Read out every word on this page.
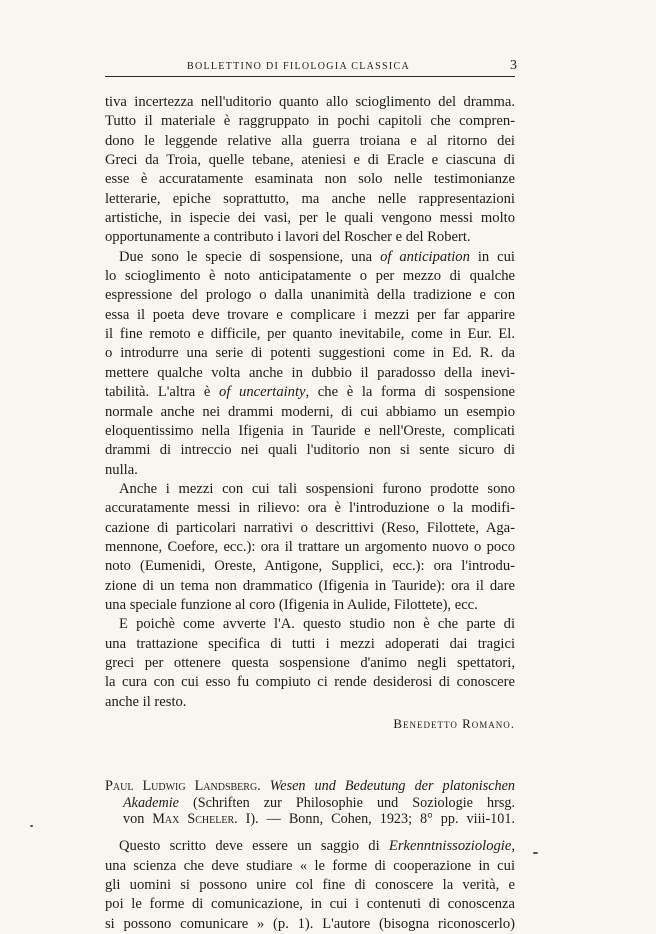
BOLLETTINO DI FILOLOGIA CLASSICA	3
tiva incertezza nell'uditorio quanto allo scioglimento del dramma.
Tutto il materiale è raggruppato in pochi capitoli che compren-
dono le leggende relative alla guerra troiana e al ritorno dei
Greci da Troia, quelle tebane, ateniesi e di Eracle e ciascuna di
esse è accuratamente esaminata non solo nelle testimonianze
letterarie, epiche soprattutto, ma anche nelle rappresentazioni
artistiche, in ispecie dei vasi, per le quali vengono messi molto
opportunamente a contributo i lavori del Roscher e del Robert.
Due sono le specie di sospensione, una of anticipation in cui
lo scioglimento è noto anticipatamente o per mezzo di qualche
espressione del prologo o dalla unanimità della tradizione e con
essa il poeta deve trovare e complicare i mezzi per far apparire
il fine remoto e difficile, per quanto inevitabile, come in Eur. El.
o introdurre una serie di potenti suggestioni come in Ed. R. da
mettere qualche volta anche in dubbio il paradosso della inevi-
tabilità. L'altra è of uncertainty, che è la forma di sospensione
normale anche nei drammi moderni, di cui abbiamo un esempio
eloquentissimo nella Ifigenia in Tauride e nell'Oreste, complicati
drammi di intreccio nei quali l'uditorio non si sente sicuro di
nulla.
Anche i mezzi con cui tali sospensioni furono prodotte sono
accuratamente messi in rilievo: ora è l'introduzione o la modifi-
cazione di particolari narrativi o descrittivi (Reso, Filottete, Aga-
mennone, Coefore, ecc.): ora il trattare un argomento nuovo o poco
noto (Eumenidi, Oreste, Antigone, Supplici, ecc.): ora l'introdu-
zione di un tema non drammatico (Ifigenia in Tauride): ora il dare
una speciale funzione al coro (Ifigenia in Aulide, Filottete), ecc.
E poichè come avverte l'A. questo studio non è che parte di
una trattazione specifica di tutti i mezzi adoperati dai tragici
greci per ottenere questa sospensione d'animo negli spettatori,
la cura con cui esso fu compiuto ci rende desiderosi di conoscere
anche il resto.
Benedetto Romano.
Paul Ludwig Landsberg. Wesen und Bedeutung der platonischen
Akademie (Schriften zur Philosophie und Soziologie hrsg.
von Max Scheler. I). — Bonn, Cohen, 1923; 8° pp. viii-101.
Questo scritto deve essere un saggio di Erkenntnissoziologie,
una scienza che deve studiare « le forme di cooperazione in cui
gli uomini si possono unire col fine di conoscere la verità, e
poi le forme di comunicazione, in cui i contenuti di conoscenza
si possono comunicare » (p. 1). L'autore (bisogna riconoscerlo)
